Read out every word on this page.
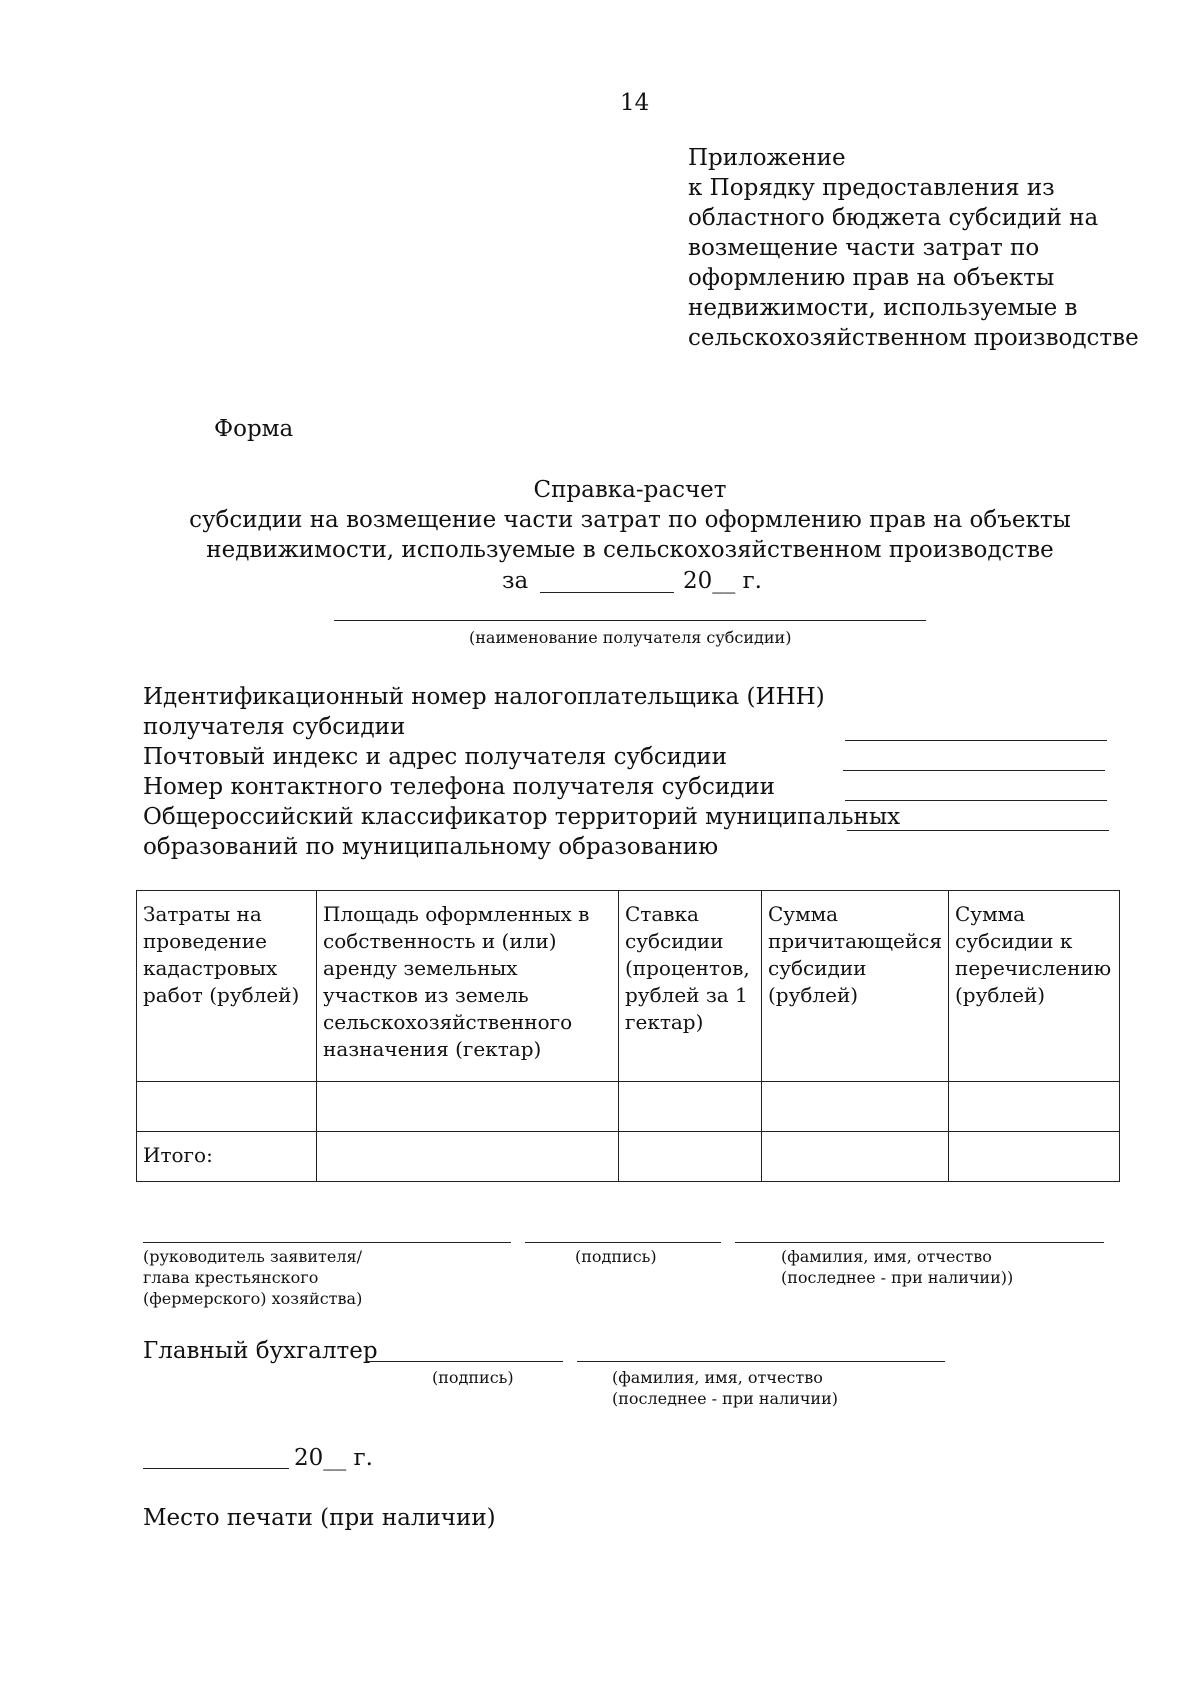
14
Приложение
к Порядку предоставления из
областного бюджета субсидий на
возмещение части затрат по
оформлению прав на объекты
недвижимости, используемые в
сельскохозяйственном производстве
Форма
Справка-расчет
субсидии на возмещение части затрат по оформлению прав на объекты
недвижимости, используемые в сельскохозяйственном производстве
за	20__ г.
(наименование получателя субсидии)
Идентификационный номер налогоплательщика (ИНН)
получателя субсидии
Почтовый индекс и адрес получателя субсидии
Номер контактного телефона получателя субсидии
Общероссийский классификатор территорий муниципальных
образований по муниципальному образованию
Затраты на проведение кадастровых работ (рублей)	Площадь оформленных в собственность и (или) аренду земельных участков из земель сельскохозяйственного назначения (гектар)	Ставка субсидии (процентов, рублей за 1 гектар)	Сумма причитающейся субсидии (рублей)	Сумма субсидии к перечислению (рублей)

Итого:				
(руководитель заявителя/
глава крестьянского
(фермерского) хозяйства)
(подпись)	(фамилия, имя, отчество
(последнее - при наличии))
Главный бухгалтер
(подпись)	(фамилия, имя, отчество
(последнее - при наличии)
20__ г.
Место печати (при наличии)
